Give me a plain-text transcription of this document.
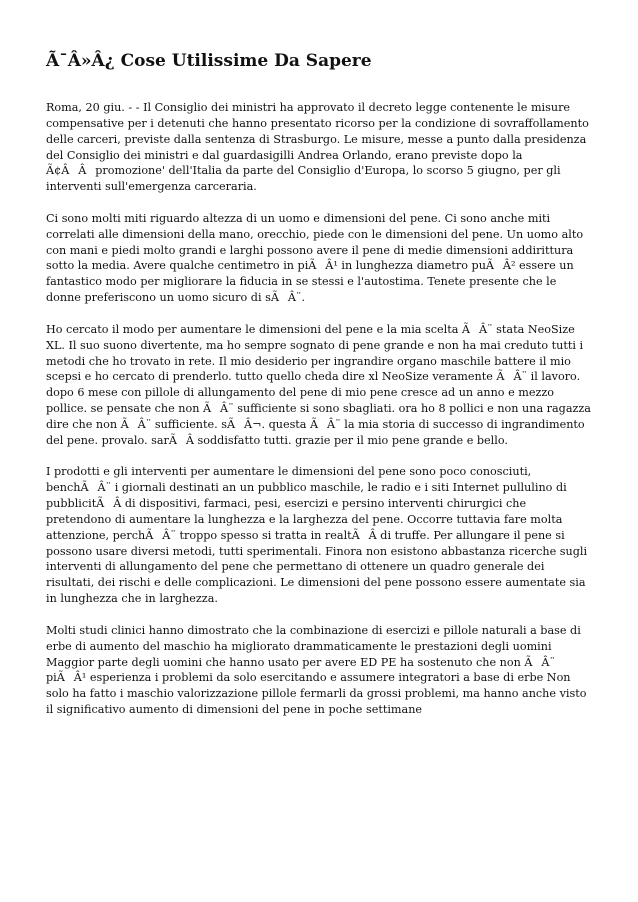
Ã¯Â»Â¿ Cose Utilissime Da Sapere

Roma, 20 giu. - - Il Consiglio dei ministri ha approvato il decreto legge contenente le misure compensative per i detenuti che hanno presentato ricorso per la condizione di sovraffollamento delle carceri, previste dalla sentenza di Strasburgo. Le misure, messe a punto dalla presidenza del Consiglio dei ministri e dal guardasigilli Andrea Orlando, erano previste dopo la Ã¢ÂÂpromozione' dell'Italia da parte del Consiglio d'Europa, lo scorso 5 giugno, per gli interventi sull'emergenza carceraria.

Ci sono molti miti riguardo altezza di un uomo e dimensioni del pene. Ci sono anche miti correlati alle dimensioni della mano, orecchio, piede con le dimensioni del pene. Un uomo alto con mani e piedi molto grandi e larghi possono avere il pene di medie dimensioni addirittura sotto la media. Avere qualche centimetro in piÃÂ¹ in lunghezza diametro puÃÂ² essere un fantastico modo per migliorare la fiducia in se stessi e l'autostima. Tenete presente che le donne preferiscono un uomo sicuro di sÃÂ¨.

Ho cercato il modo per aumentare le dimensioni del pene e la mia scelta ÃÂ¨ stata NeoSize XL. Il suo suono divertente, ma ho sempre sognato di pene grande e non ha mai creduto tutti i metodi che ho trovato in rete. Il mio desiderio per ingrandire organo maschile battere il mio scepsi e ho cercato di prenderlo. tutto quello cheda dire xl NeoSize veramente ÃÂ¨ il lavoro. dopo 6 mese con pillole di allungamento del pene di mio pene cresce ad un anno e mezzo pollice. se pensate che non ÃÂ¨ sufficiente si sono sbagliati. ora ho 8 pollici e non una ragazza dire che non ÃÂ¨ sufficiente. sÃÂ¬. questa ÃÂ¨ la mia storia di successo di ingrandimento del pene. provalo. sarÃÂ soddisfatto tutti. grazie per il mio pene grande e bello.

I prodotti e gli interventi per aumentare le dimensioni del pene sono poco conosciuti, benchÃÂ¨ i giornali destinati an un pubblico maschile, le radio e i siti Internet pullulino di pubblicitÃÂ di dispositivi, farmaci, pesi, esercizi e persino interventi chirurgici che pretendono di aumentare la lunghezza e la larghezza del pene. Occorre tuttavia fare molta attenzione, perchÃÂ¨ troppo spesso si tratta in realtÃÂ di truffe. Per allungare il pene si possono usare diversi metodi, tutti sperimentali. Finora non esistono abbastanza ricerche sugli interventi di allungamento del pene che permettano di ottenere un quadro generale dei risultati, dei rischi e delle complicazioni. Le dimensioni del pene possono essere aumentate sia in lunghezza che in larghezza.

Molti studi clinici hanno dimostrato che la combinazione di esercizi e pillole naturali a base di erbe di aumento del maschio ha migliorato drammaticamente le prestazioni degli uomini Maggior parte degli uomini che hanno usato per avere ED PE ha sostenuto che non ÃÂ¨ piÃÂ¹ esperienza i problemi da solo esercitando e assumere integratori a base di erbe Non solo ha fatto i maschio valorizzazione pillole fermarli da grossi problemi, ma hanno anche visto il significativo aumento di dimensioni del pene in poche settimane
